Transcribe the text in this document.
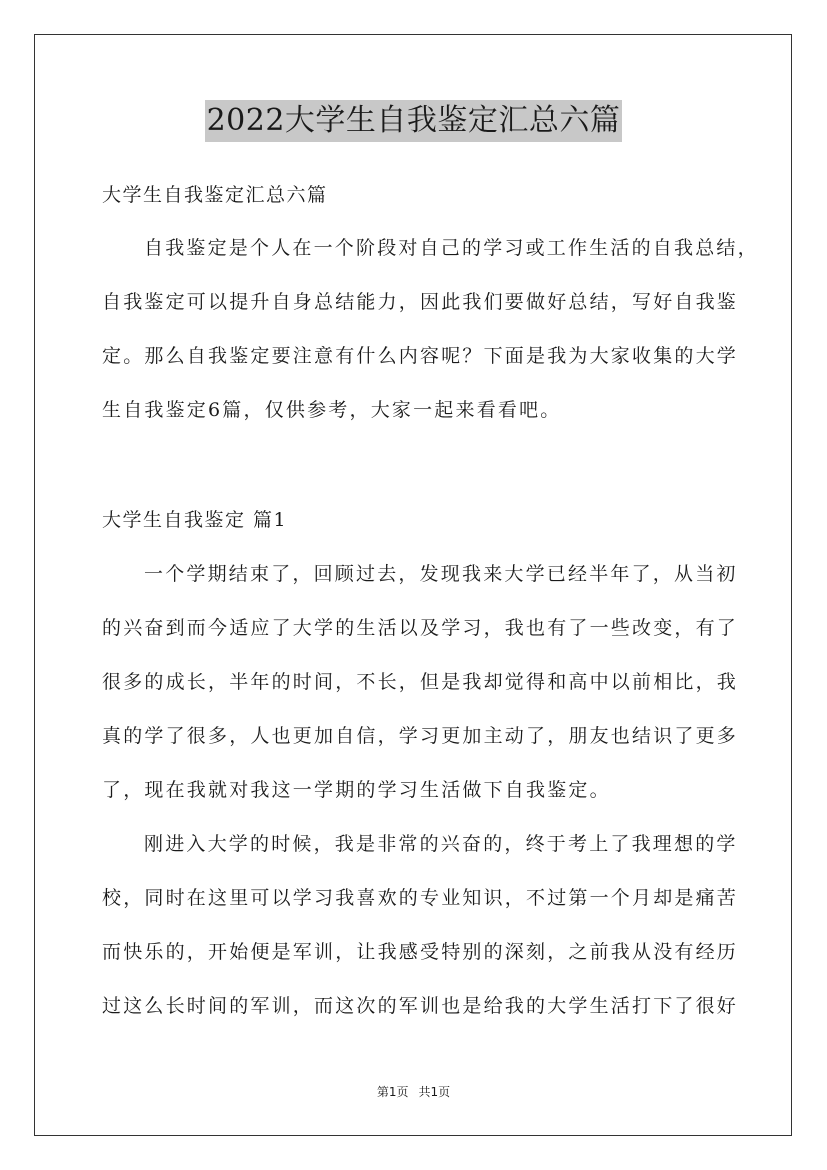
2022大学生自我鉴定汇总六篇
大学生自我鉴定汇总六篇
自我鉴定是个人在一个阶段对自己的学习或工作生活的自我总结，
自我鉴定可以提升自身总结能力，因此我们要做好总结，写好自我鉴
定。那么自我鉴定要注意有什么内容呢？下面是我为大家收集的大学
生自我鉴定6篇，仅供参考，大家一起来看看吧。
大学生自我鉴定 篇1
一个学期结束了，回顾过去，发现我来大学已经半年了，从当初
的兴奋到而今适应了大学的生活以及学习，我也有了一些改变，有了
很多的成长，半年的时间，不长，但是我却觉得和高中以前相比，我
真的学了很多，人也更加自信，学习更加主动了，朋友也结识了更多
了，现在我就对我这一学期的学习生活做下自我鉴定。
刚进入大学的时候，我是非常的兴奋的，终于考上了我理想的学
校，同时在这里可以学习我喜欢的专业知识，不过第一个月却是痛苦
而快乐的，开始便是军训，让我感受特别的深刻，之前我从没有经历
过这么长时间的军训，而这次的军训也是给我的大学生活打下了很好
第1页 共1页
